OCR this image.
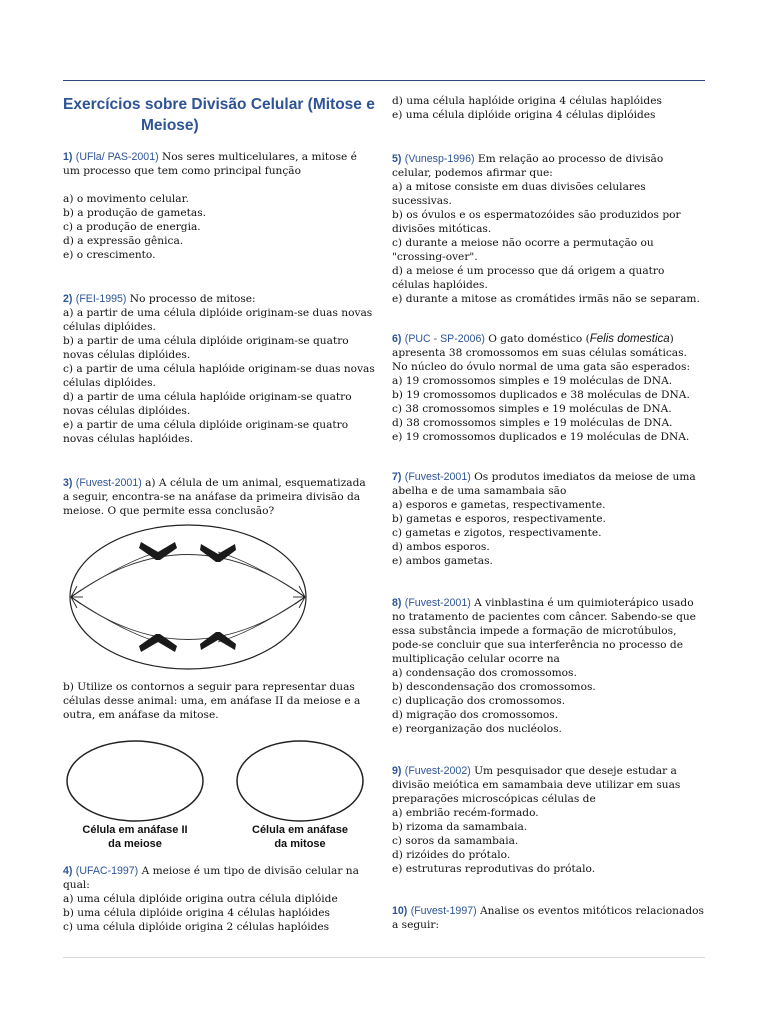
Exercícios sobre Divisão Celular (Mitose e
Meiose)
1) (UFla/ PAS-2001) Nos seres multicelulares, a mitose é um processo que tem como principal função
a) o movimento celular.
b) a produção de gametas.
c) a produção de energia.
d) a expressão gênica.
e) o crescimento.
2) (FEI-1995) No processo de mitose:
a) a partir de uma célula diplóide originam-se duas novas células diplóides.
b) a partir de uma célula diplóide originam-se quatro novas células diplóides.
c) a partir de uma célula haplóide originam-se duas novas células diplóides.
d) a partir de uma célula haplóide originam-se quatro novas células diplóides.
e) a partir de uma célula diplóide originam-se quatro novas células haplóides.
3) (Fuvest-2001) a) A célula de um animal, esquematizada a seguir, encontra-se na anáfase da primeira divisão da meiose. O que permite essa conclusão?
b) Utilize os contornos a seguir para representar duas células desse animal: uma, em anáfase II da meiose e a outra, em anáfase da mitose.
Célula em anáfase II
da meiose
Célula em anáfase
da mitose
4) (UFAC-1997) A meiose é um tipo de divisão celular na qual:
a) uma célula diplóide origina outra célula diplóide
b) uma célula diplóide origina 4 células haplóides
c) uma célula diplóide origina 2 células haplóides
d) uma célula haplóide origina 4 células haplóides
e) uma célula diplóide origina 4 células diplóides
5) (Vunesp-1996) Em relação ao processo de divisão celular, podemos afirmar que:
a) a mitose consiste em duas divisões celulares sucessivas.
b) os óvulos e os espermatozóides são produzidos por divisões mitóticas.
c) durante a meiose não ocorre a permutação ou "crossing-over".
d) a meiose é um processo que dá origem a quatro células haplóides.
e) durante a mitose as cromátides irmãs não se separam.
6) (PUC - SP-2006) O gato doméstico (Felis domestica) apresenta 38 cromossomos em suas células somáticas. No núcleo do óvulo normal de uma gata são esperados:
a) 19 cromossomos simples e 19 moléculas de DNA.
b) 19 cromossomos duplicados e 38 moléculas de DNA.
c) 38 cromossomos simples e 19 moléculas de DNA.
d) 38 cromossomos simples e 19 moléculas de DNA.
e) 19 cromossomos duplicados e 19 moléculas de DNA.
7) (Fuvest-2001) Os produtos imediatos da meiose de uma abelha e de uma samambaia são
a) esporos e gametas, respectivamente.
b) gametas e esporos, respectivamente.
c) gametas e zigotos, respectivamente.
d) ambos esporos.
e) ambos gametas.
8) (Fuvest-2001) A vinblastina é um quimioterápico usado no tratamento de pacientes com câncer. Sabendo-se que essa substância impede a formação de microtúbulos, pode-se concluir que sua interferência no processo de multiplicação celular ocorre na
a) condensação dos cromossomos.
b) descondensação dos cromossomos.
c) duplicação dos cromossomos.
d) migração dos cromossomos.
e) reorganização dos nucléolos.
9) (Fuvest-2002) Um pesquisador que deseje estudar a divisão meiótica em samambaia deve utilizar em suas preparações microscópicas células de
a) embrião recém-formado.
b) rizoma da samambaia.
c) soros da samambaia.
d) rizóides do prótalo.
e) estruturas reprodutivas do prótalo.
10) (Fuvest-1997) Analise os eventos mitóticos relacionados a seguir:
